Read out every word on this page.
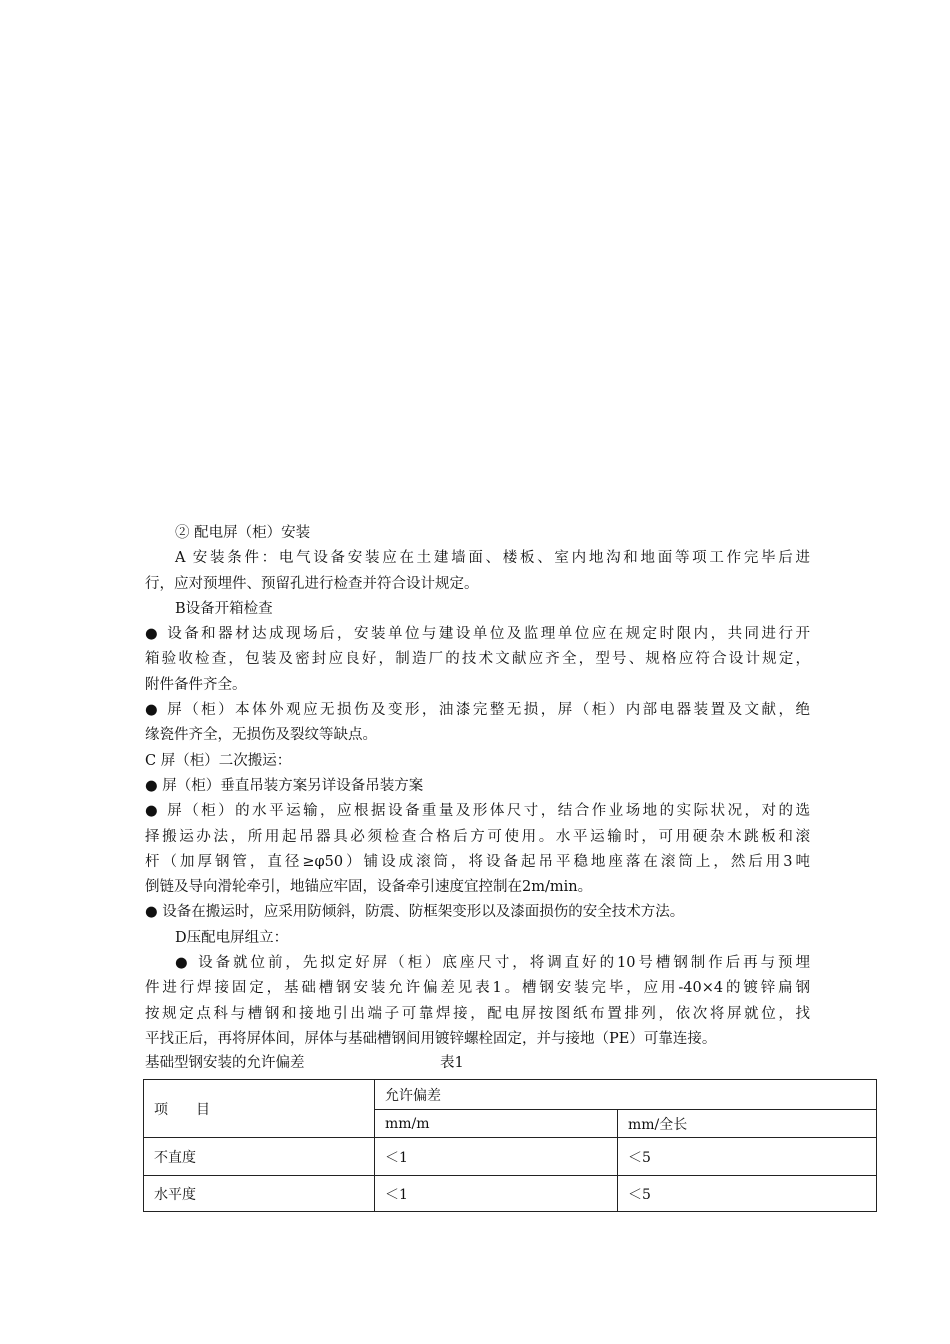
② 配电屏（柜）安装
A 安装条件：电气设备安装应在土建墙面、楼板、室内地沟和地面等项工作完毕后进
行，应对预埋件、预留孔进行检查并符合设计规定。
B设备开箱检查
● 设备和器材达成现场后，安装单位与建设单位及监理单位应在规定时限内，共同进行开
箱验收检查，包装及密封应良好，制造厂的技术文献应齐全，型号、规格应符合设计规定，
附件备件齐全。
● 屏（柜）本体外观应无损伤及变形，油漆完整无损，屏（柜）内部电器装置及文献，绝
缘瓷件齐全，无损伤及裂纹等缺点。
C 屏（柜）二次搬运：
● 屏（柜）垂直吊装方案另详设备吊装方案
● 屏（柜）的水平运输，应根据设备重量及形体尺寸，结合作业场地的实际状况，对的选
择搬运办法，所用起吊器具必须检查合格后方可使用。水平运输时，可用硬杂木跳板和滚
杆（加厚钢管，直径≥φ50）铺设成滚筒，将设备起吊平稳地座落在滚筒上，然后用3吨
倒链及导向滑轮牵引，地锚应牢固，设备牵引速度宜控制在2m/min。
● 设备在搬运时，应采用防倾斜，防震、防框架变形以及漆面损伤的安全技术方法。
D压配电屏组立：
● 设备就位前，先拟定好屏（柜）底座尺寸，将调直好的10号槽钢制作后再与预埋
件进行焊接固定，基础槽钢安装允许偏差见表1。槽钢安装完毕，应用-40×4的镀锌扁钢
按规定点科与槽钢和接地引出端子可靠焊接，配电屏按图纸布置排列，依次将屏就位，找
平找正后，再将屏体间，屏体与基础槽钢间用镀锌螺栓固定，并与接地（PE）可靠连接。
基础型钢安装的允许偏差	表1
项　　目	允许偏差	
	mm/m	mm/全长
不直度	＜1	＜5
水平度	＜1	＜5
